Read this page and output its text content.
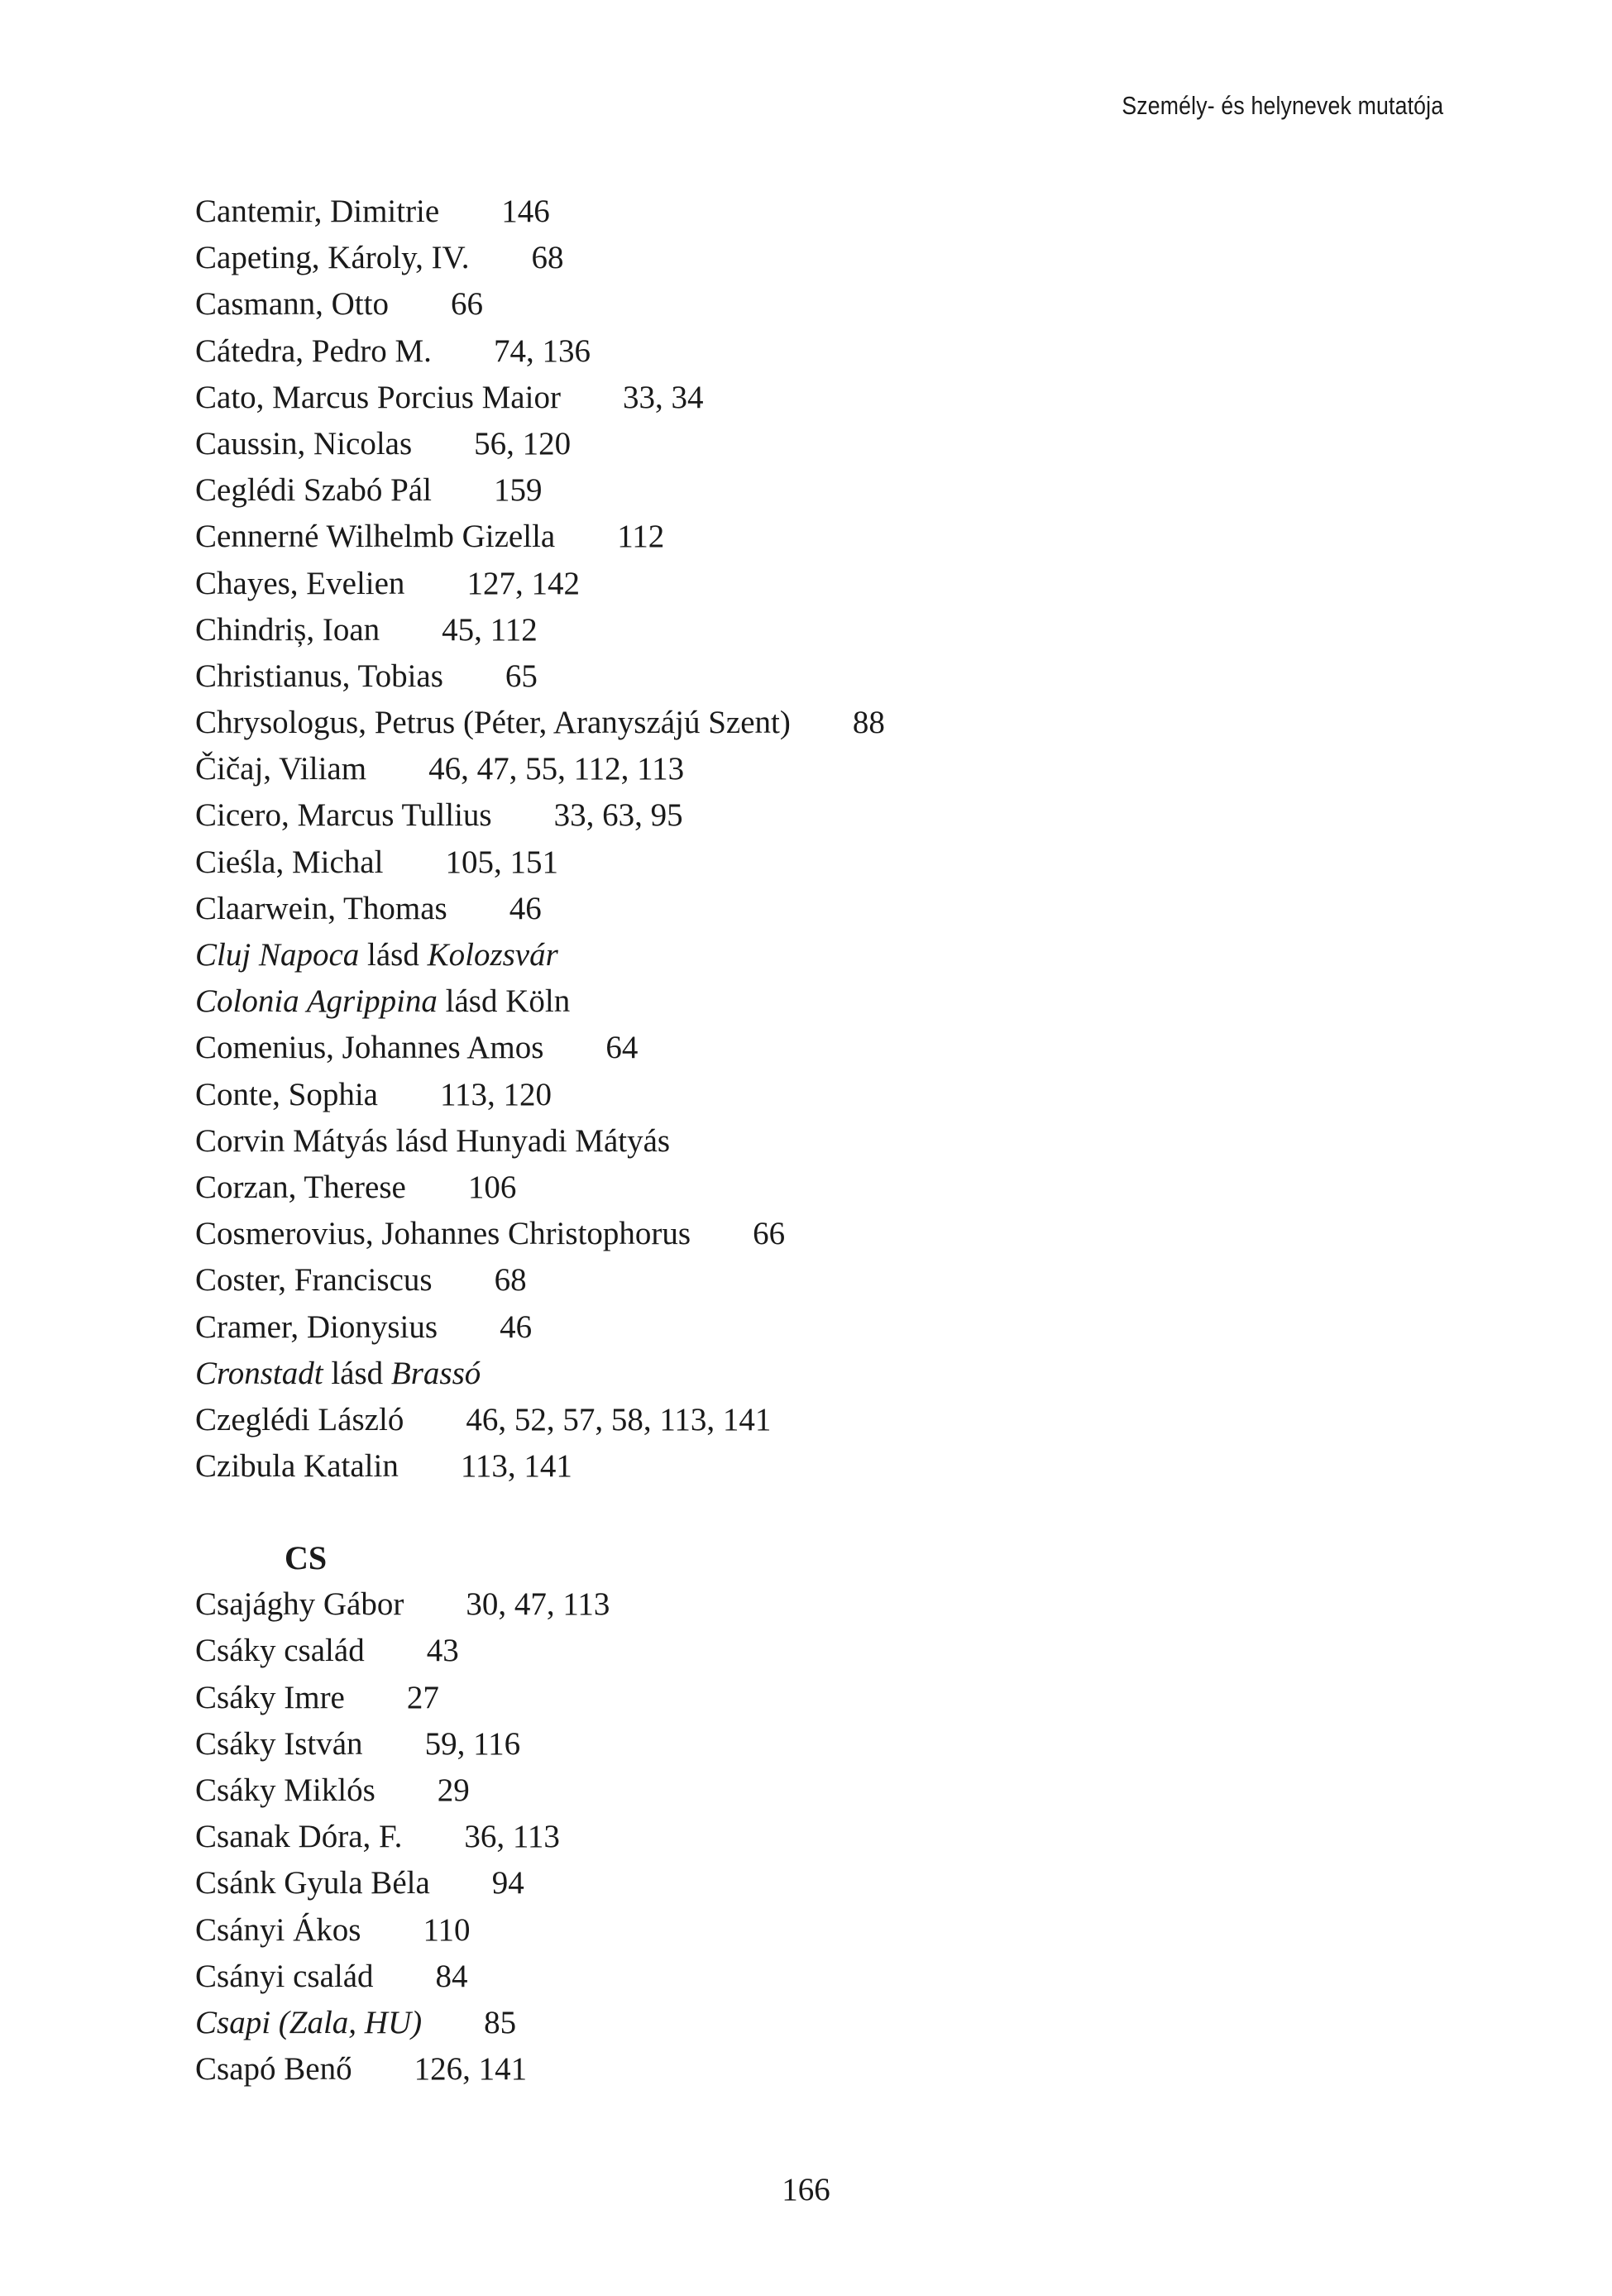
Személy- és helynevek mutatója
Cantemir, Dimitrie 146
Capeting, Károly, IV. 68
Casmann, Otto 66
Cátedra, Pedro M. 74, 136
Cato, Marcus Porcius Maior 33, 34
Caussin, Nicolas 56, 120
Ceglédi Szabó Pál 159
Cennerné Wilhelmb Gizella 112
Chayes, Evelien 127, 142
Chindriș, Ioan 45, 112
Christianus, Tobias 65
Chrysologus, Petrus (Péter, Aranyszájú Szent) 88
Čičaj, Viliam 46, 47, 55, 112, 113
Cicero, Marcus Tullius 33, 63, 95
Cieśla, Michal 105, 151
Claarwein, Thomas 46
Cluj Napoca lásd Kolozsvár
Colonia Agrippina lásd Köln
Comenius, Johannes Amos 64
Conte, Sophia 113, 120
Corvin Mátyás lásd Hunyadi Mátyás
Corzan, Therese 106
Cosmerovius, Johannes Christophorus 66
Coster, Franciscus 68
Cramer, Dionysius 46
Cronstadt lásd Brassó
Czeglédi László 46, 52, 57, 58, 113, 141
Czibula Katalin 113, 141
CS
Csajághy Gábor 30, 47, 113
Csáky család 43
Csáky Imre 27
Csáky István 59, 116
Csáky Miklós 29
Csanak Dóra, F. 36, 113
Csánk Gyula Béla 94
Csányi Ákos 110
Csányi család 84
Csapi (Zala, HU) 85
Csapó Benő 126, 141
166
